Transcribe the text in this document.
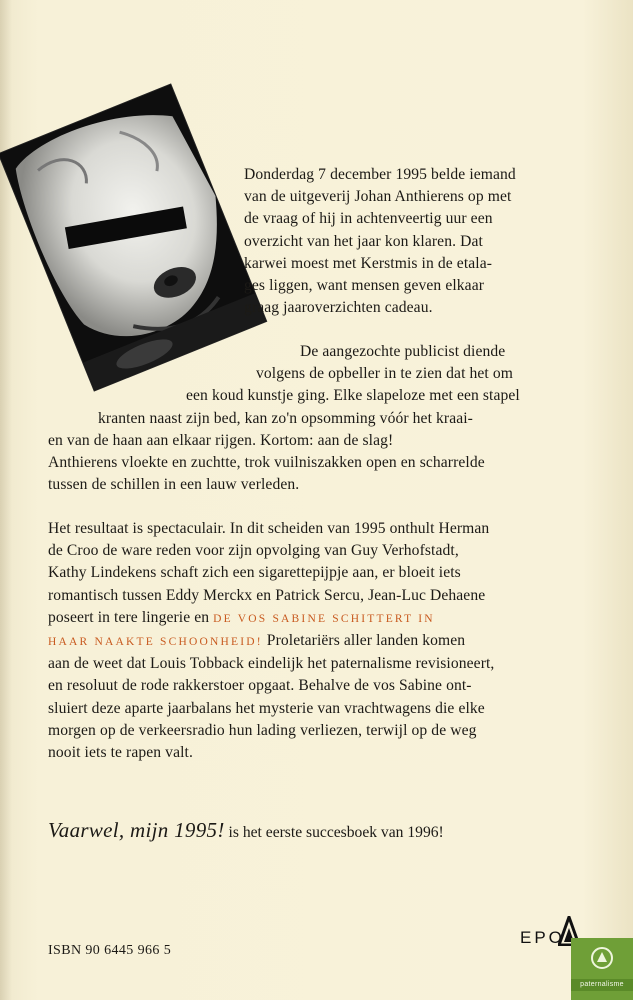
Donderdag 7 december 1995 belde iemand
van de uitgeverij Johan Anthierens op met
de vraag of hij in achtenveertig uur een
overzicht van het jaar kon klaren. Dat
karwei moest met Kerstmis in de etala-
ges liggen, want mensen geven elkaar
graag jaaroverzichten cadeau.

De aangezochte publicist diende
volgens de opbeller in te zien dat het om
een koud kunstje ging. Elke slapeloze met een stapel
kranten naast zijn bed, kan zo'n opsomming vóór het kraai-
en van de haan aan elkaar rijgen. Kortom: aan de slag!
Anthierens vloekte en zuchtte, trok vuilniszakken open en scharrelde
tussen de schillen in een lauw verleden.

Het resultaat is spectaculair. In dit scheiden van 1995 onthult Herman
de Croo de ware reden voor zijn opvolging van Guy Verhofstadt,
Kathy Lindekens schaft zich een sigarettepijpje aan, er bloeit iets
romantisch tussen Eddy Merckx en Patrick Sercu, Jean-Luc Dehaene
poseert in tere lingerie en DE VOS SABINE SCHITTERT IN
HAAR NAAKTE SCHOONHEID! Proletariërs aller landen komen
aan de weet dat Louis Tobback eindelijk het paternalisme revisioneert,
en resoluut de rode rakkerstoer opgaat. Behalve de vos Sabine ont-
sluiert deze aparte jaarbalans het mysterie van vrachtwagens die elke
morgen op de verkeersradio hun lading verliezen, terwijl op de weg
nooit iets te rapen valt.

Vaarwel, mijn 1995! is het eerste succesboek van 1996!
ISBN 90 6445 966 5
EPO
paternalisme
